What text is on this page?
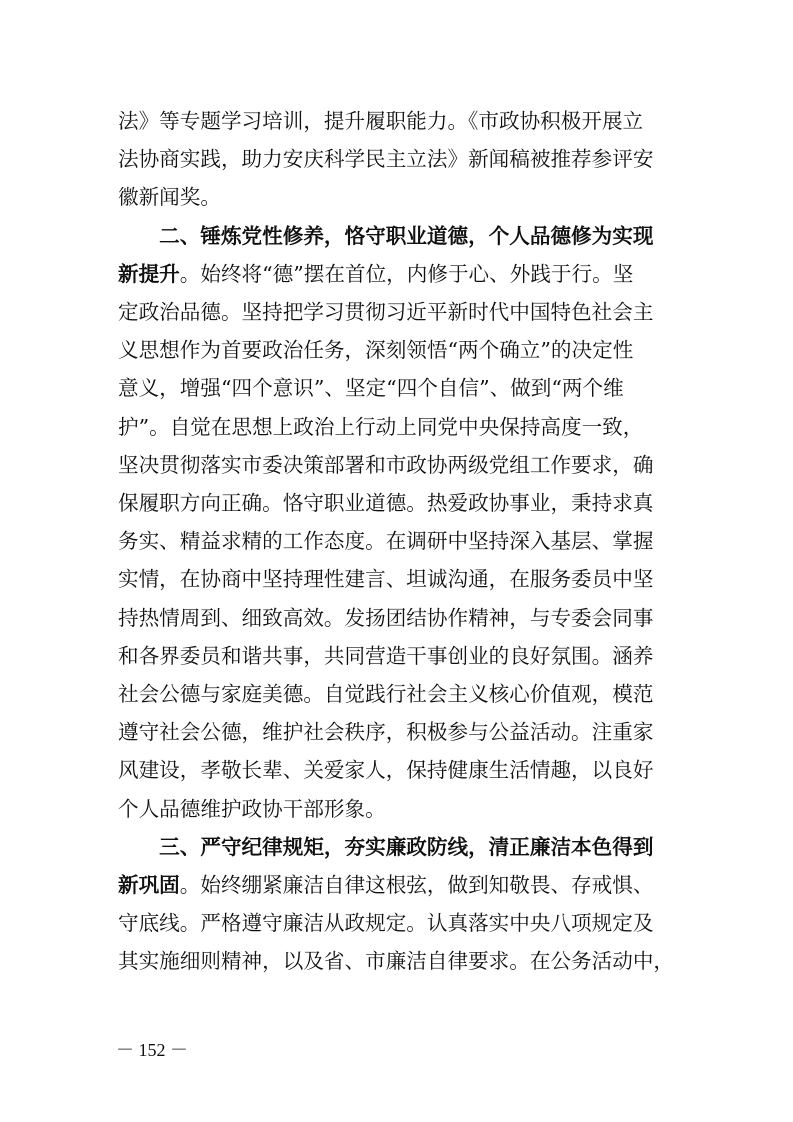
法》等专题学习培训，提升履职能力。《市政协积极开展立
法协商实践，助力安庆科学民主立法》新闻稿被推荐参评安
徽新闻奖。
　　二、锤炼党性修养，恪守职业道德，个人品德修为实现
新提升。始终将“德”摆在首位，内修于心、外践于行。坚
定政治品德。坚持把学习贯彻习近平新时代中国特色社会主
义思想作为首要政治任务，深刻领悟“两个确立”的决定性
意义，增强“四个意识”、坚定“四个自信”、做到“两个维
护”。自觉在思想上政治上行动上同党中央保持高度一致，
坚决贯彻落实市委决策部署和市政协两级党组工作要求，确
保履职方向正确。恪守职业道德。热爱政协事业，秉持求真
务实、精益求精的工作态度。在调研中坚持深入基层、掌握
实情，在协商中坚持理性建言、坦诚沟通，在服务委员中坚
持热情周到、细致高效。发扬团结协作精神，与专委会同事
和各界委员和谐共事，共同营造干事创业的良好氛围。涵养
社会公德与家庭美德。自觉践行社会主义核心价值观，模范
遵守社会公德，维护社会秩序，积极参与公益活动。注重家
风建设，孝敬长辈、关爱家人，保持健康生活情趣，以良好
个人品德维护政协干部形象。
　　三、严守纪律规矩，夯实廉政防线，清正廉洁本色得到
新巩固。始终绷紧廉洁自律这根弦，做到知敬畏、存戒惧、
守底线。严格遵守廉洁从政规定。认真落实中央八项规定及
其实施细则精神，以及省、市廉洁自律要求。在公务活动中，
－ 152 －
